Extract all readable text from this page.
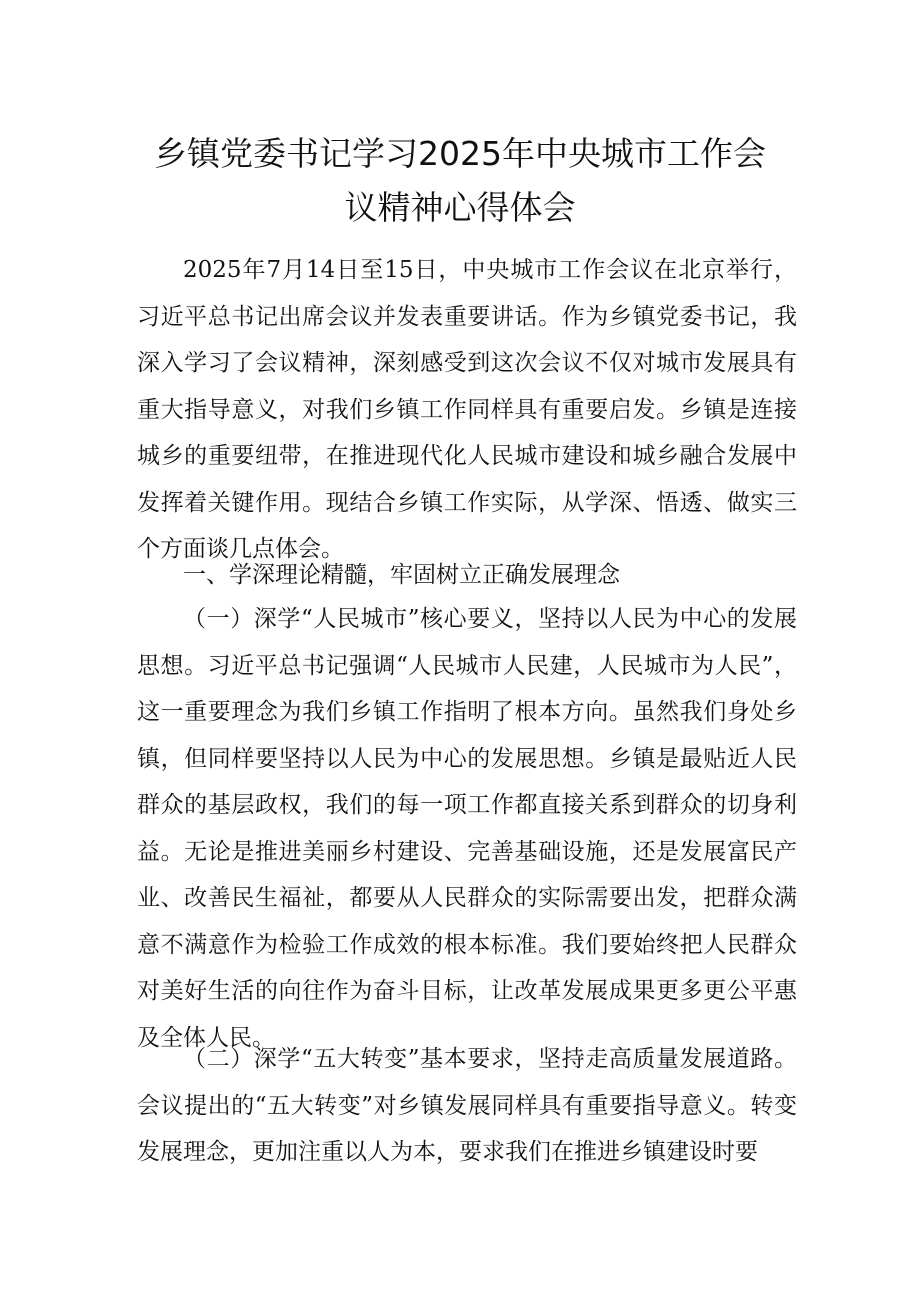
乡镇党委书记学习2025年中央城市工作会
议精神心得体会

2025年7月14日至15日，中央城市工作会议在北京举行，习近平总书记出席会议并发表重要讲话。作为乡镇党委书记，我深入学习了会议精神，深刻感受到这次会议不仅对城市发展具有重大指导意义，对我们乡镇工作同样具有重要启发。乡镇是连接城乡的重要纽带，在推进现代化人民城市建设和城乡融合发展中发挥着关键作用。现结合乡镇工作实际，从学深、悟透、做实三个方面谈几点体会。

一、学深理论精髓，牢固树立正确发展理念

（一）深学“人民城市”核心要义，坚持以人民为中心的发展思想。习近平总书记强调“人民城市人民建，人民城市为人民”，这一重要理念为我们乡镇工作指明了根本方向。虽然我们身处乡镇，但同样要坚持以人民为中心的发展思想。乡镇是最贴近人民群众的基层政权，我们的每一项工作都直接关系到群众的切身利益。无论是推进美丽乡村建设、完善基础设施，还是发展富民产业、改善民生福祉，都要从人民群众的实际需要出发，把群众满意不满意作为检验工作成效的根本标准。我们要始终把人民群众对美好生活的向往作为奋斗目标，让改革发展成果更多更公平惠及全体人民。

（二）深学“五大转变”基本要求，坚持走高质量发展道路。会议提出的“五大转变”对乡镇发展同样具有重要指导意义。转变发展理念，更加注重以人为本，要求我们在推进乡镇建设时要
